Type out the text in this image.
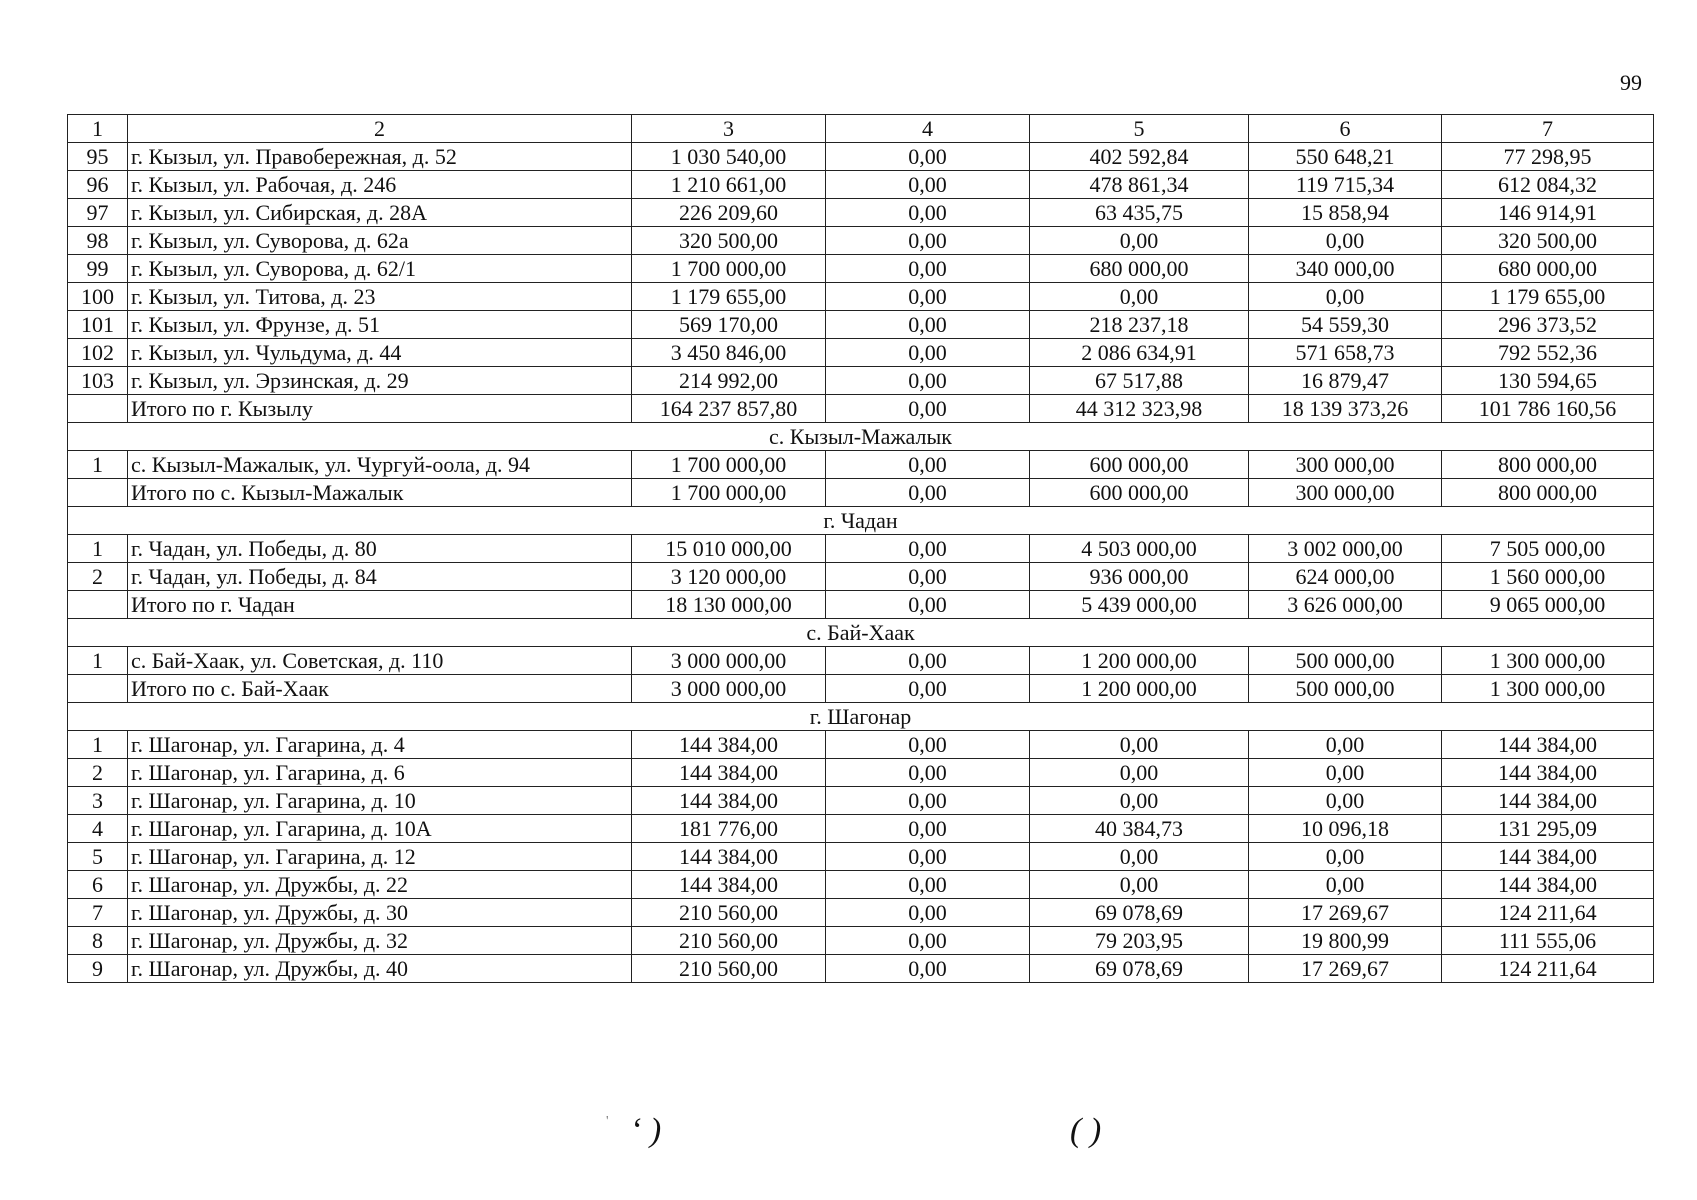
99
1	2	3	4	5	6	7
95	г. Кызыл, ул. Правобережная, д. 52	1 030 540,00	0,00	402 592,84	550 648,21	77 298,95
96	г. Кызыл, ул. Рабочая, д. 246	1 210 661,00	0,00	478 861,34	119 715,34	612 084,32
97	г. Кызыл, ул. Сибирская, д. 28А	226 209,60	0,00	63 435,75	15 858,94	146 914,91
98	г. Кызыл, ул. Суворова, д. 62а	320 500,00	0,00	0,00	0,00	320 500,00
99	г. Кызыл, ул. Суворова, д. 62/1	1 700 000,00	0,00	680 000,00	340 000,00	680 000,00
100	г. Кызыл, ул. Титова, д. 23	1 179 655,00	0,00	0,00	0,00	1 179 655,00
101	г. Кызыл, ул. Фрунзе, д. 51	569 170,00	0,00	218 237,18	54 559,30	296 373,52
102	г. Кызыл, ул. Чульдума, д. 44	3 450 846,00	0,00	2 086 634,91	571 658,73	792 552,36
103	г. Кызыл, ул. Эрзинская, д. 29	214 992,00	0,00	67 517,88	16 879,47	130 594,65
	Итого по г. Кызылу	164 237 857,80	0,00	44 312 323,98	18 139 373,26	101 786 160,56
с. Кызыл-Мажалык						
1	с. Кызыл-Мажалык, ул. Чургуй-оола, д. 94	1 700 000,00	0,00	600 000,00	300 000,00	800 000,00
	Итого по с. Кызыл-Мажалык	1 700 000,00	0,00	600 000,00	300 000,00	800 000,00
г. Чадан						
1	г. Чадан, ул. Победы, д. 80	15 010 000,00	0,00	4 503 000,00	3 002 000,00	7 505 000,00
2	г. Чадан, ул. Победы, д. 84	3 120 000,00	0,00	936 000,00	624 000,00	1 560 000,00
	Итого по г. Чадан	18 130 000,00	0,00	5 439 000,00	3 626 000,00	9 065 000,00
с. Бай-Хаак						
1	с. Бай-Хаак, ул. Советская, д. 110	3 000 000,00	0,00	1 200 000,00	500 000,00	1 300 000,00
	Итого по с. Бай-Хаак	3 000 000,00	0,00	1 200 000,00	500 000,00	1 300 000,00
г. Шагонар						
1	г. Шагонар, ул. Гагарина, д. 4	144 384,00	0,00	0,00	0,00	144 384,00
2	г. Шагонар, ул. Гагарина, д. 6	144 384,00	0,00	0,00	0,00	144 384,00
3	г. Шагонар, ул. Гагарина, д. 10	144 384,00	0,00	0,00	0,00	144 384,00
4	г. Шагонар, ул. Гагарина, д. 10А	181 776,00	0,00	40 384,73	10 096,18	131 295,09
5	г. Шагонар, ул. Гагарина, д. 12	144 384,00	0,00	0,00	0,00	144 384,00
6	г. Шагонар, ул. Дружбы, д. 22	144 384,00	0,00	0,00	0,00	144 384,00
7	г. Шагонар, ул. Дружбы, д. 30	210 560,00	0,00	69 078,69	17 269,67	124 211,64
8	г. Шагонар, ул. Дружбы, д. 32	210 560,00	0,00	79 203,95	19 800,99	111 555,06
9	г. Шагонар, ул. Дружбы, д. 40	210 560,00	0,00	69 078,69	17 269,67	124 211,64
' ‘ )	( )
